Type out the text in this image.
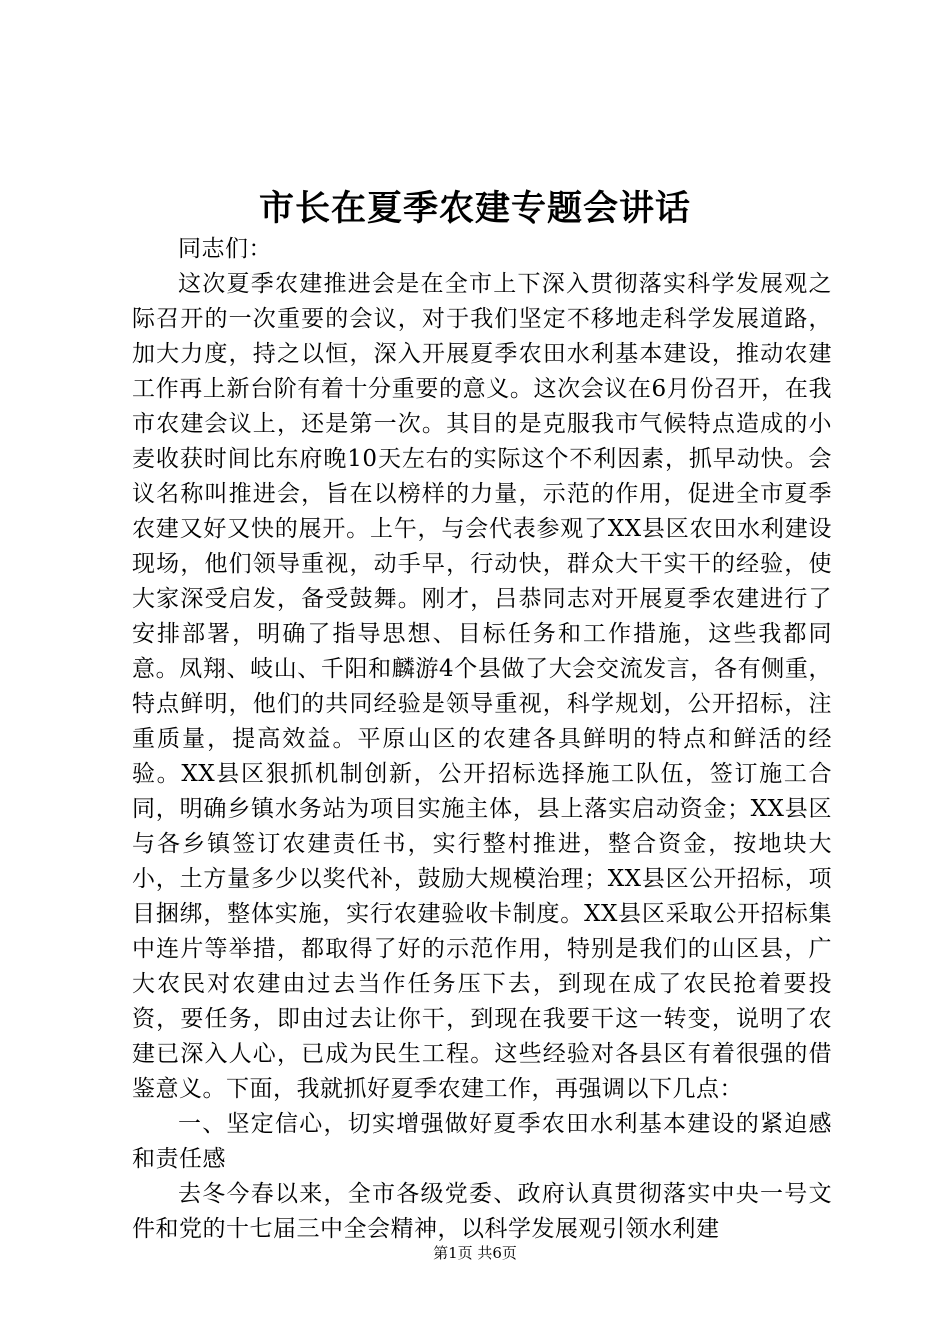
市长在夏季农建专题会讲话

同志们：

这次夏季农建推进会是在全市上下深入贯彻落实科学发展观之际召开的一次重要的会议，对于我们坚定不移地走科学发展道路，加大力度，持之以恒，深入开展夏季农田水利基本建设，推动农建工作再上新台阶有着十分重要的意义。这次会议在6月份召开，在我市农建会议上，还是第一次。其目的是克服我市气候特点造成的小麦收获时间比东府晚10天左右的实际这个不利因素，抓早动快。会议名称叫推进会，旨在以榜样的力量，示范的作用，促进全市夏季农建又好又快的展开。上午，与会代表参观了XX县区农田水利建设现场，他们领导重视，动手早，行动快，群众大干实干的经验，使大家深受启发，备受鼓舞。刚才，吕恭同志对开展夏季农建进行了安排部署，明确了指导思想、目标任务和工作措施，这些我都同意。凤翔、岐山、千阳和麟游4个县做了大会交流发言，各有侧重，特点鲜明，他们的共同经验是领导重视，科学规划，公开招标，注重质量，提高效益。平原山区的农建各具鲜明的特点和鲜活的经验。XX县区狠抓机制创新，公开招标选择施工队伍，签订施工合同，明确乡镇水务站为项目实施主体，县上落实启动资金；XX县区与各乡镇签订农建责任书，实行整村推进，整合资金，按地块大小，土方量多少以奖代补，鼓励大规模治理；XX县区公开招标，项目捆绑，整体实施，实行农建验收卡制度。XX县区采取公开招标集中连片等举措，都取得了好的示范作用，特别是我们的山区县，广大农民对农建由过去当作任务压下去，到现在成了农民抢着要投资，要任务，即由过去让你干，到现在我要干这一转变，说明了农建已深入人心，已成为民生工程。这些经验对各县区有着很强的借鉴意义。下面，我就抓好夏季农建工作，再强调以下几点：

一、坚定信心，切实增强做好夏季农田水利基本建设的紧迫感和责任感

去冬今春以来，全市各级党委、政府认真贯彻落实中央一号文件和党的十七届三中全会精神，以科学发展观引领水利建

第1页 共6页
